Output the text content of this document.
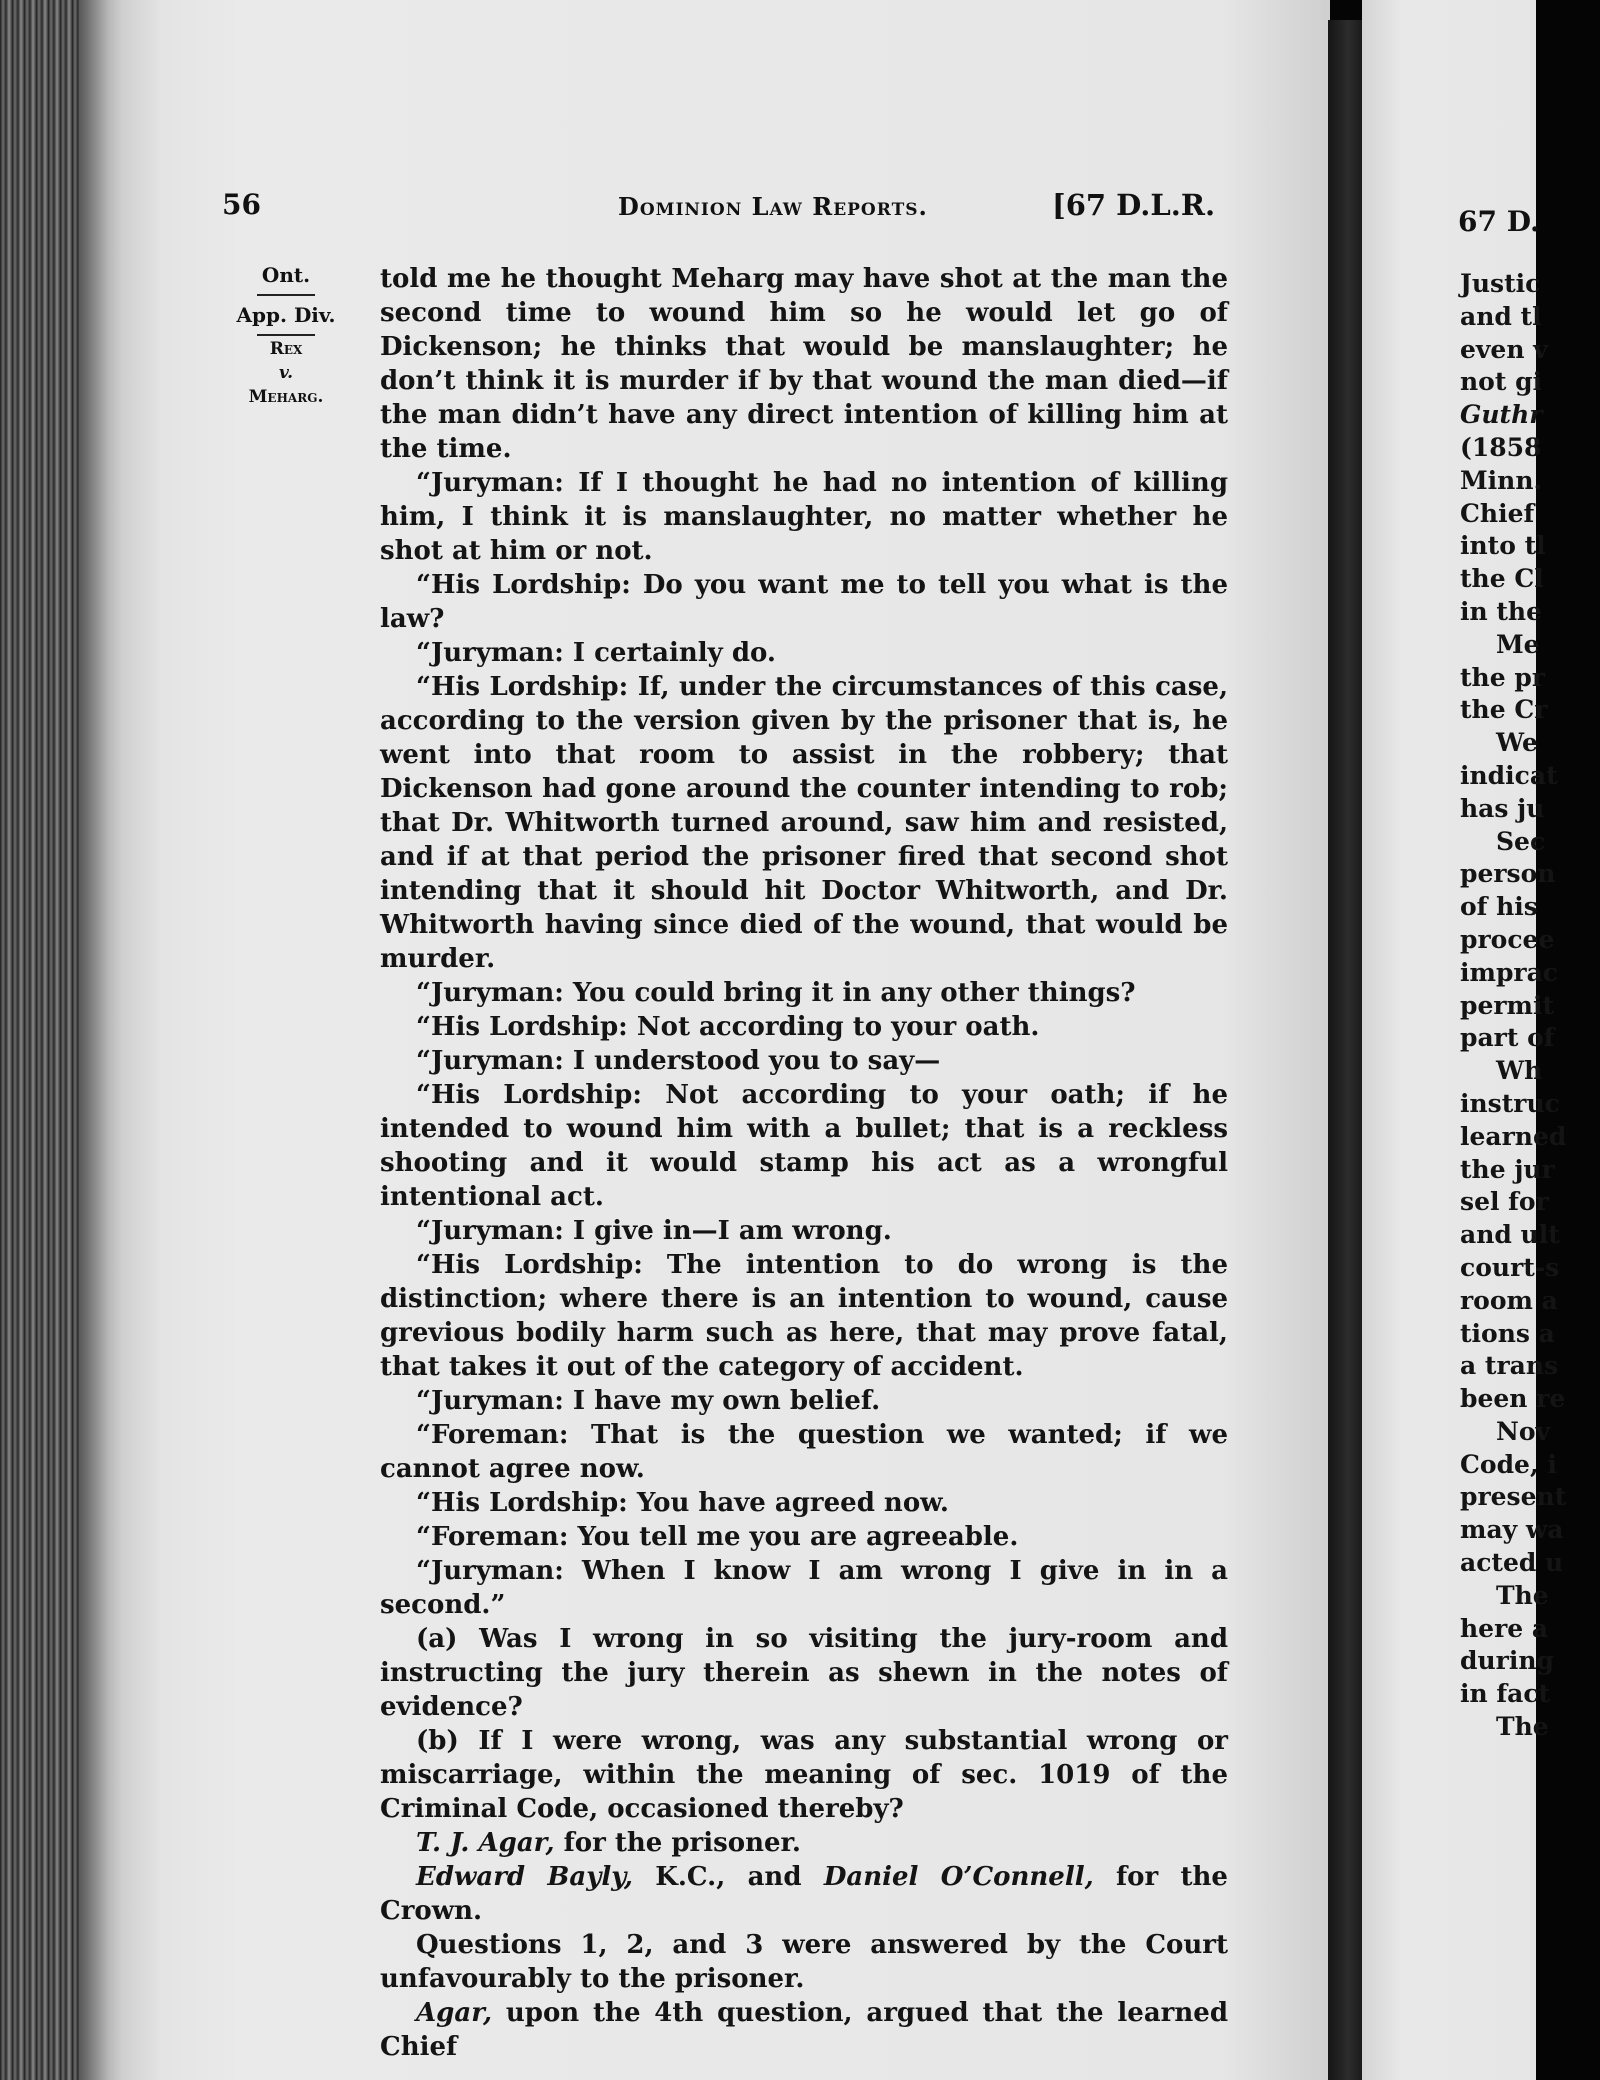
56	Dominion Law Reports.	[67 D.L.R.
Ont.
App. Div.
Rex
v.
Meharg.

told me he thought Meharg may have shot at the man the second time to wound him so he would let go of Dickenson; he thinks that would be manslaughter; he don’t think it is murder if by that wound the man died—if the man didn’t have any direct intention of killing him at the time.

“Juryman: If I thought he had no intention of killing him, I think it is manslaughter, no matter whether he shot at him or not.

“His Lordship: Do you want me to tell you what is the law?

“Juryman: I certainly do.

“His Lordship: If, under the circumstances of this case, according to the version given by the prisoner that is, he went into that room to assist in the robbery; that Dickenson had gone around the counter intending to rob; that Dr. Whitworth turned around, saw him and resisted, and if at that period the prisoner fired that second shot intending that it should hit Doctor Whitworth, and Dr. Whitworth having since died of the wound, that would be murder.

“Juryman: You could bring it in any other things?

“His Lordship: Not according to your oath.

“Juryman: I understood you to say—

“His Lordship: Not according to your oath; if he intended to wound him with a bullet; that is a reckless shooting and it would stamp his act as a wrongful intentional act.

“Juryman: I give in—I am wrong.

“His Lordship: The intention to do wrong is the distinction; where there is an intention to wound, cause grevious bodily harm such as here, that may prove fatal, that takes it out of the category of accident.

“Juryman: I have my own belief.

“Foreman: That is the question we wanted; if we cannot agree now.

“His Lordship: You have agreed now.

“Foreman: You tell me you are agreeable.

“Juryman: When I know I am wrong I give in in a second.”

(a) Was I wrong in so visiting the jury-room and instructing the jury therein as shewn in the notes of evidence?

(b) If I were wrong, was any substantial wrong or miscarriage, within the meaning of sec. 1019 of the Criminal Code, occasioned thereby?

T. J. Agar, for the prisoner.

Edward Bayly, K.C., and Daniel O’Connell, for the Crown.

Questions 1, 2, and 3 were answered by the Court unfavourably to the prisoner.

Agar, upon the 4th question, argued that the learned Chief

67 D.
Justic
and tl
even v
not gi
Guthr
(1858
Minn.
Chief
into tl
the Cl
in the
Me
the pr
the Cr
We
indicat
has ju
Sec
person
of his
procee
imprac
permit
part of
Wh
instruc
learned
the jur
sel for
and ult
court-s
room a
tions a
a trans
been re
Nov
Code, i
present
may wa
acted u
The
here a
during
in fact
The
